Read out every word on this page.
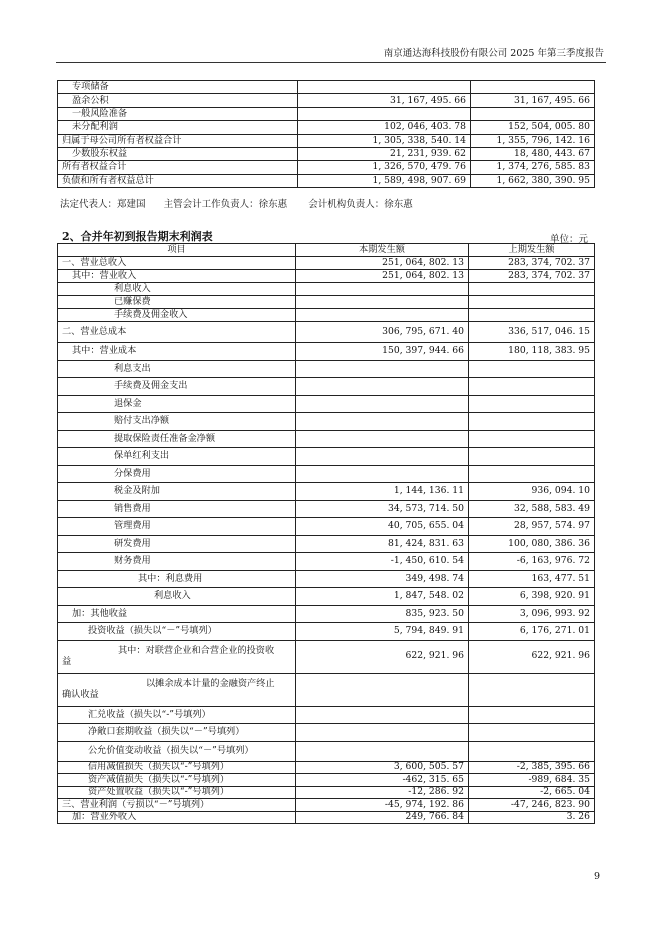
南京通达海科技股份有限公司 2025 年第三季度报告
专项储备		
盈余公积	31, 167, 495. 66	31, 167, 495. 66
一般风险准备		
未分配利润	102, 046, 403. 78	152, 504, 005. 80
归属于母公司所有者权益合计	1, 305, 338, 540. 14	1, 355, 796, 142. 16
少数股东权益	21, 231, 939. 62	18, 480, 443. 67
所有者权益合计	1, 326, 570, 479. 76	1, 374, 276, 585. 83
负债和所有者权益总计	1, 589, 498, 907. 69	1, 662, 380, 390. 95
法定代表人：郑建国 主管会计工作负责人：徐东惠 会计机构负责人：徐东惠
2、合并年初到报告期末利润表	单位：元
项目	本期发生额	上期发生额
一、营业总收入	251, 064, 802. 13	283, 374, 702. 37
其中：营业收入	251, 064, 802. 13	283, 374, 702. 37
利息收入		
已赚保费		
手续费及佣金收入		
二、营业总成本	306, 795, 671. 40	336, 517, 046. 15
其中：营业成本	150, 397, 944. 66	180, 118, 383. 95
利息支出		
手续费及佣金支出		
退保金		
赔付支出净额		
提取保险责任准备金净额		
保单红利支出		
分保费用		
税金及附加	1, 144, 136. 11	936, 094. 10
销售费用	34, 573, 714. 50	32, 588, 583. 49
管理费用	40, 705, 655. 04	28, 957, 574. 97
研发费用	81, 424, 831. 63	100, 080, 386. 36
财务费用	-1, 450, 610. 54	-6, 163, 976. 72
其中：利息费用	349, 498. 74	163, 477. 51
利息收入	1, 847, 548. 02	6, 398, 920. 91
加：其他收益	835, 923. 50	3, 096, 993. 92
投资收益（损失以“－”号填列）	5, 794, 849. 91	6, 176, 271. 01

其中：对联营企业和合营企业的投资收
益	622, 921. 96	622, 921. 96

以摊余成本计量的金融资产终止
确认收益		

汇兑收益（损失以“-”号填列）		
净敞口套期收益（损失以“－”号填列）		
公允价值变动收益（损失以“－”号填列）		
信用减值损失（损失以“-”号填列）	3, 600, 505. 57	-2, 385, 395. 66
资产减值损失（损失以“-”号填列）	-462, 315. 65	-989, 684. 35
资产处置收益（损失以“-”号填列）	-12, 286. 92	-2, 665. 04
三、营业利润（亏损以“－”号填列）	-45, 974, 192. 86	-47, 246, 823. 90
加：营业外收入	249, 766. 84	3. 26
9
